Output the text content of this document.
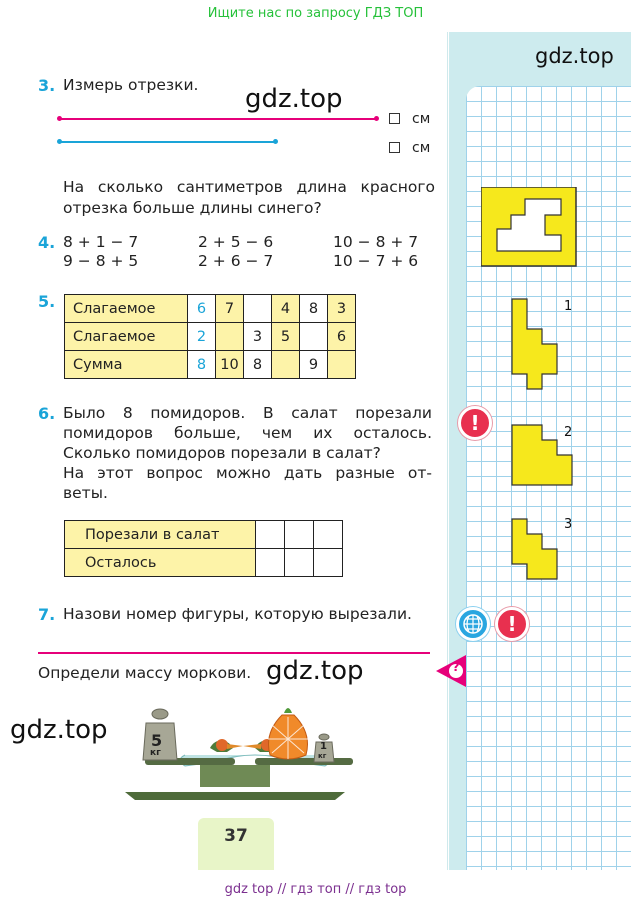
Ищите нас по запросу ГДЗ ТОП
gdz.top
3. Измерь отрезки. gdz.top
см
см
На сколько сантиметров длина красного
отрезка больше длины синего?
4. 8 + 1 − 7	2 + 5 − 6	10 − 8 + 7
9 − 8 + 5	2 + 6 − 7	10 − 7 + 6
5. Слагаемое	6	7		4	8	3
Слагаемое	2		3	5		6
Сумма	8	10	8		9	
6. Было 8 помидоров. В салат порезали
помидоров больше, чем их осталось.
Сколько помидоров порезали в салат?
На этот вопрос можно дать разные от-
веты.
Порезали в салат			
Осталось			
7. Назови номер фигуры, которую вырезали.
Определи массу моркови. gdz.top
gdz.top	5
кг
1
кг
37
1
2
3
!
!
?
gdz top // гдз топ // гдз top
